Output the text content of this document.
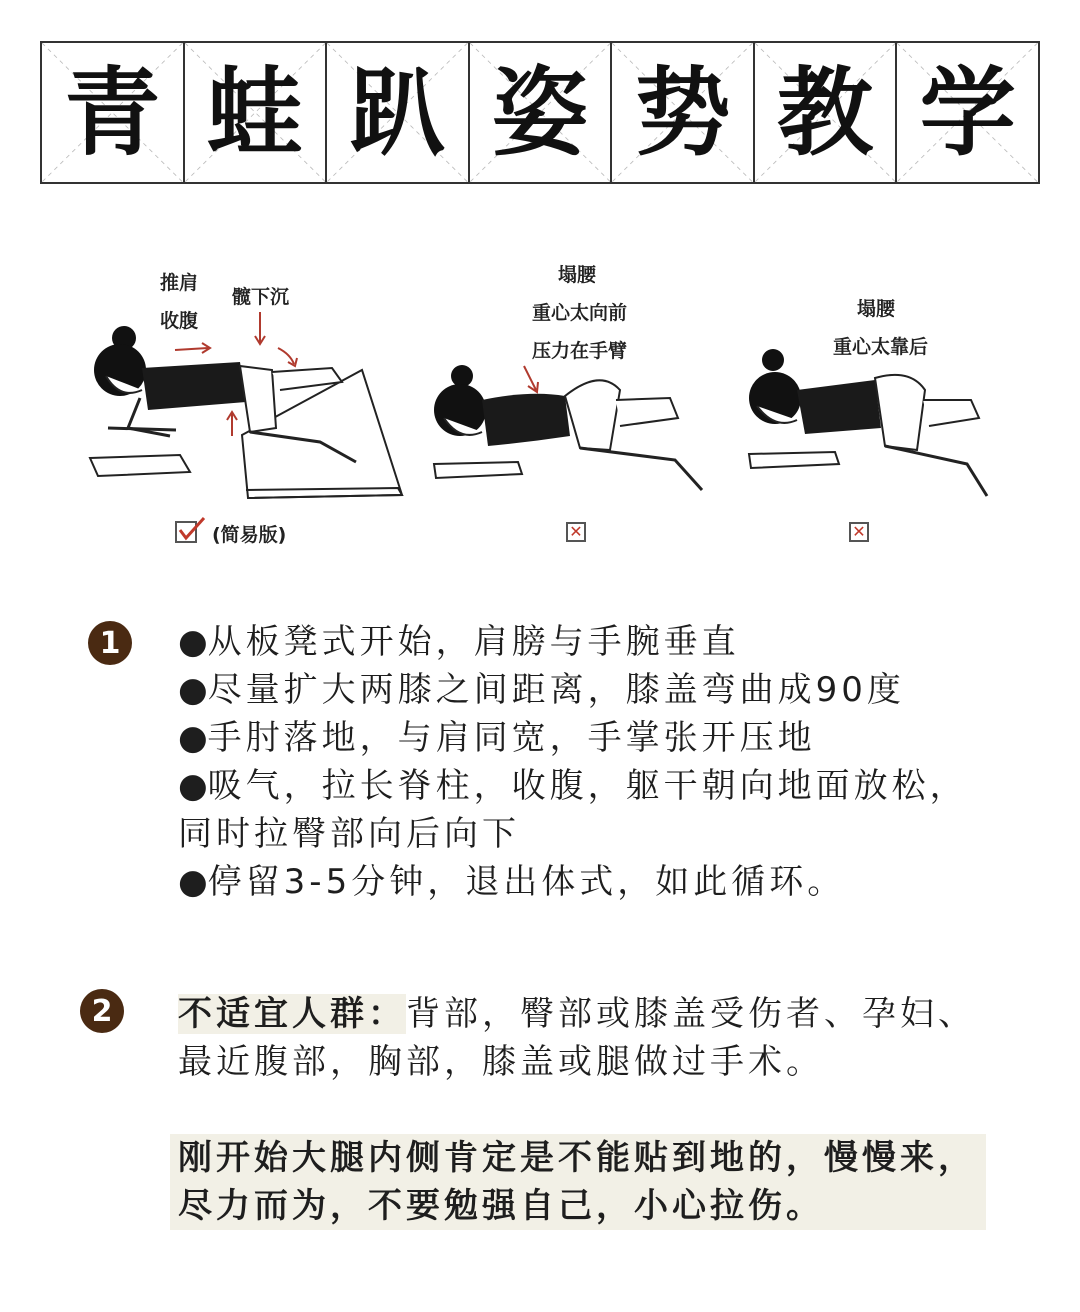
青 蛙 趴 姿 势 教 学
推肩
收腹
髋下沉
(简易版)
塌腰
重心太向前
压力在手臂
✕
塌腰
重心太靠后
✕
1	●从板凳式开始，肩膀与手腕垂直

●尽量扩大两膝之间距离，膝盖弯曲成90度

●手肘落地，与肩同宽，手掌张开压地

●吸气，拉长脊柱，收腹，躯干朝向地面放松，同时拉臀部向后向下

●停留3-5分钟，退出体式，如此循环。

2	不适宜人群：背部，臀部或膝盖受伤者、孕妇、最近腹部，胸部，膝盖或腿做过手术。
刚开始大腿内侧肯定是不能贴到地的，慢慢来，尽力而为，不要勉强自己，小心拉伤。
